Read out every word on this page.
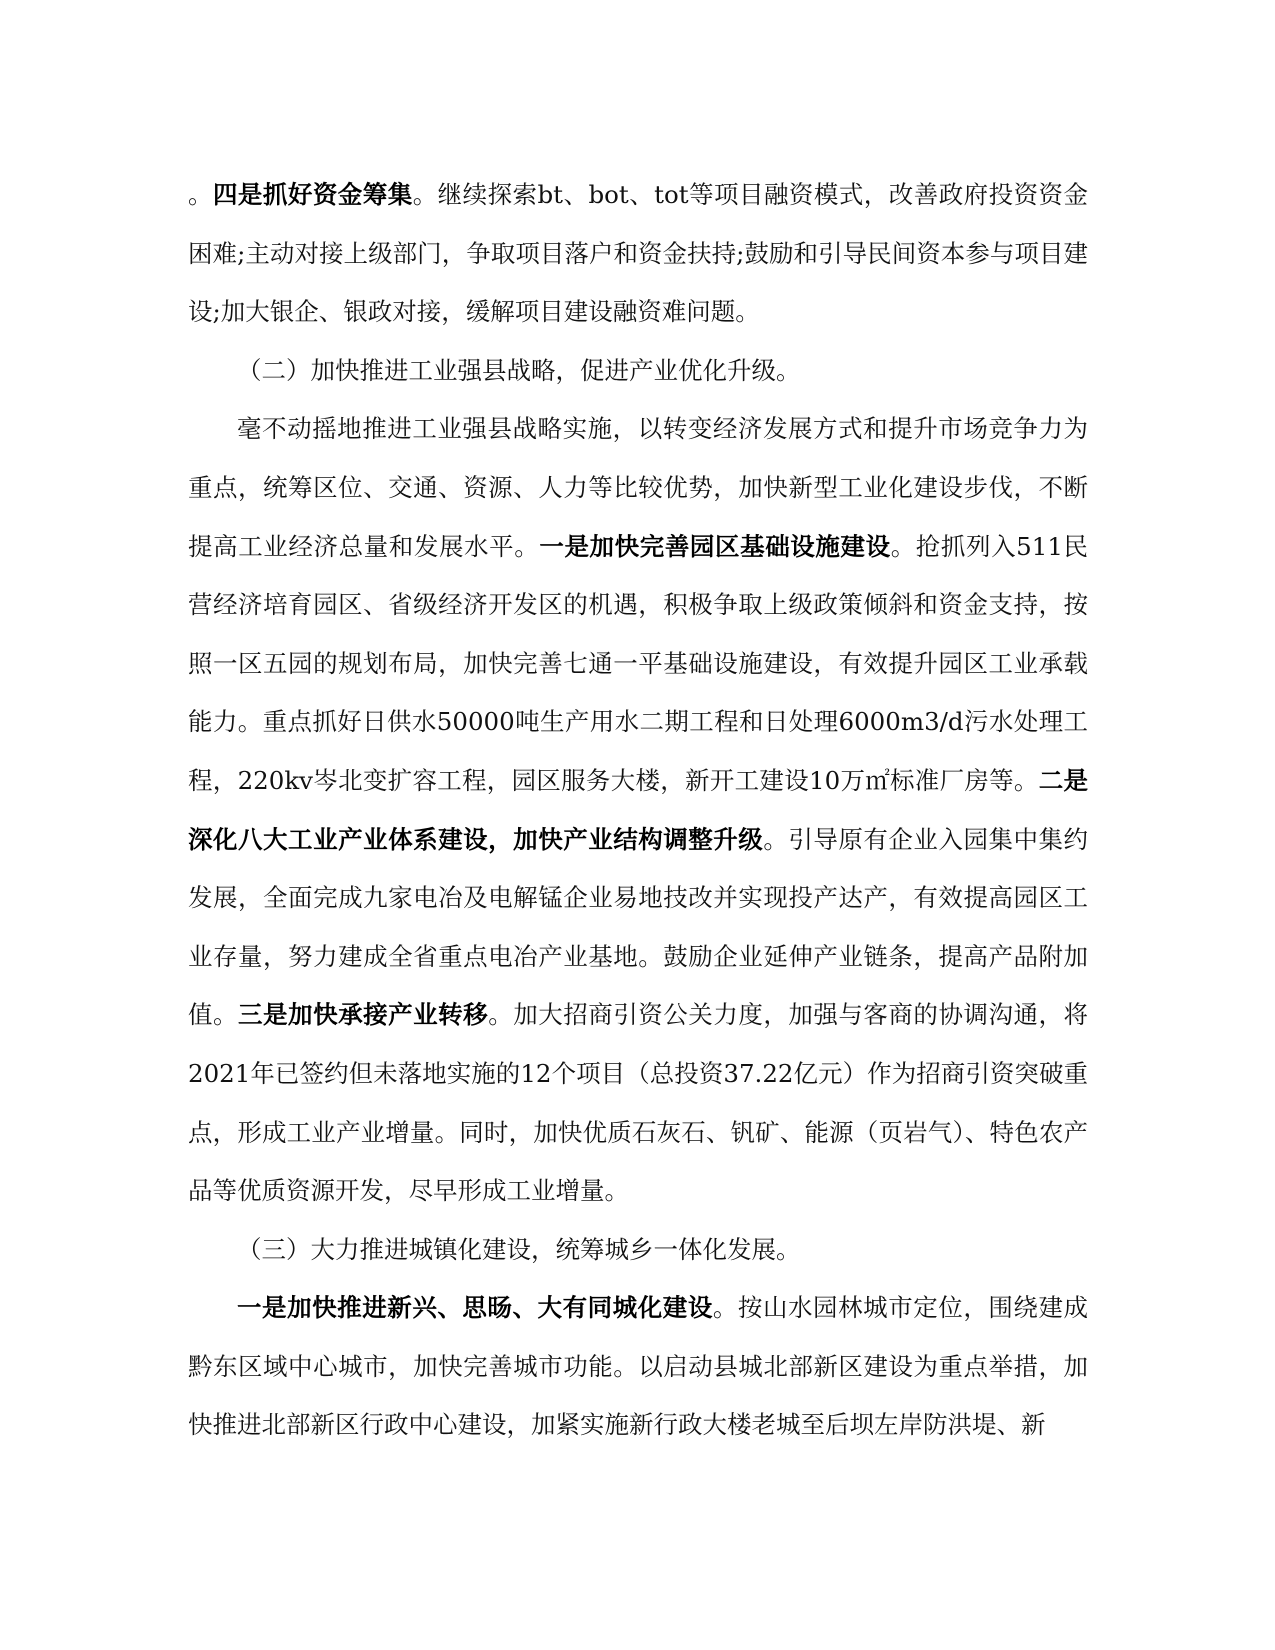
。四是抓好资金筹集。继续探索bt、bot、tot等项目融资模式，改善政府投资资金困难;主动对接上级部门，争取项目落户和资金扶持;鼓励和引导民间资本参与项目建设;加大银企、银政对接，缓解项目建设融资难问题。

（二）加快推进工业强县战略，促进产业优化升级。

毫不动摇地推进工业强县战略实施，以转变经济发展方式和提升市场竞争力为重点，统筹区位、交通、资源、人力等比较优势，加快新型工业化建设步伐，不断提高工业经济总量和发展水平。一是加快完善园区基础设施建设。抢抓列入511民营经济培育园区、省级经济开发区的机遇，积极争取上级政策倾斜和资金支持，按照一区五园的规划布局，加快完善七通一平基础设施建设，有效提升园区工业承载能力。重点抓好日供水50000吨生产用水二期工程和日处理6000m3/d污水处理工程，220kv岑北变扩容工程，园区服务大楼，新开工建设10万㎡标准厂房等。二是深化八大工业产业体系建设，加快产业结构调整升级。引导原有企业入园集中集约发展，全面完成九家电冶及电解锰企业易地技改并实现投产达产，有效提高园区工业存量，努力建成全省重点电冶产业基地。鼓励企业延伸产业链条，提高产品附加值。三是加快承接产业转移。加大招商引资公关力度，加强与客商的协调沟通，将2021年已签约但未落地实施的12个项目（总投资37.22亿元）作为招商引资突破重点，形成工业产业增量。同时，加快优质石灰石、钒矿、能源（页岩气）、特色农产品等优质资源开发，尽早形成工业增量。

（三）大力推进城镇化建设，统筹城乡一体化发展。

一是加快推进新兴、思旸、大有同城化建设。按山水园林城市定位，围绕建成黔东区域中心城市，加快完善城市功能。以启动县城北部新区建设为重点举措，加快推进北部新区行政中心建设，加紧实施新行政大楼老城至后坝左岸防洪堤、新
